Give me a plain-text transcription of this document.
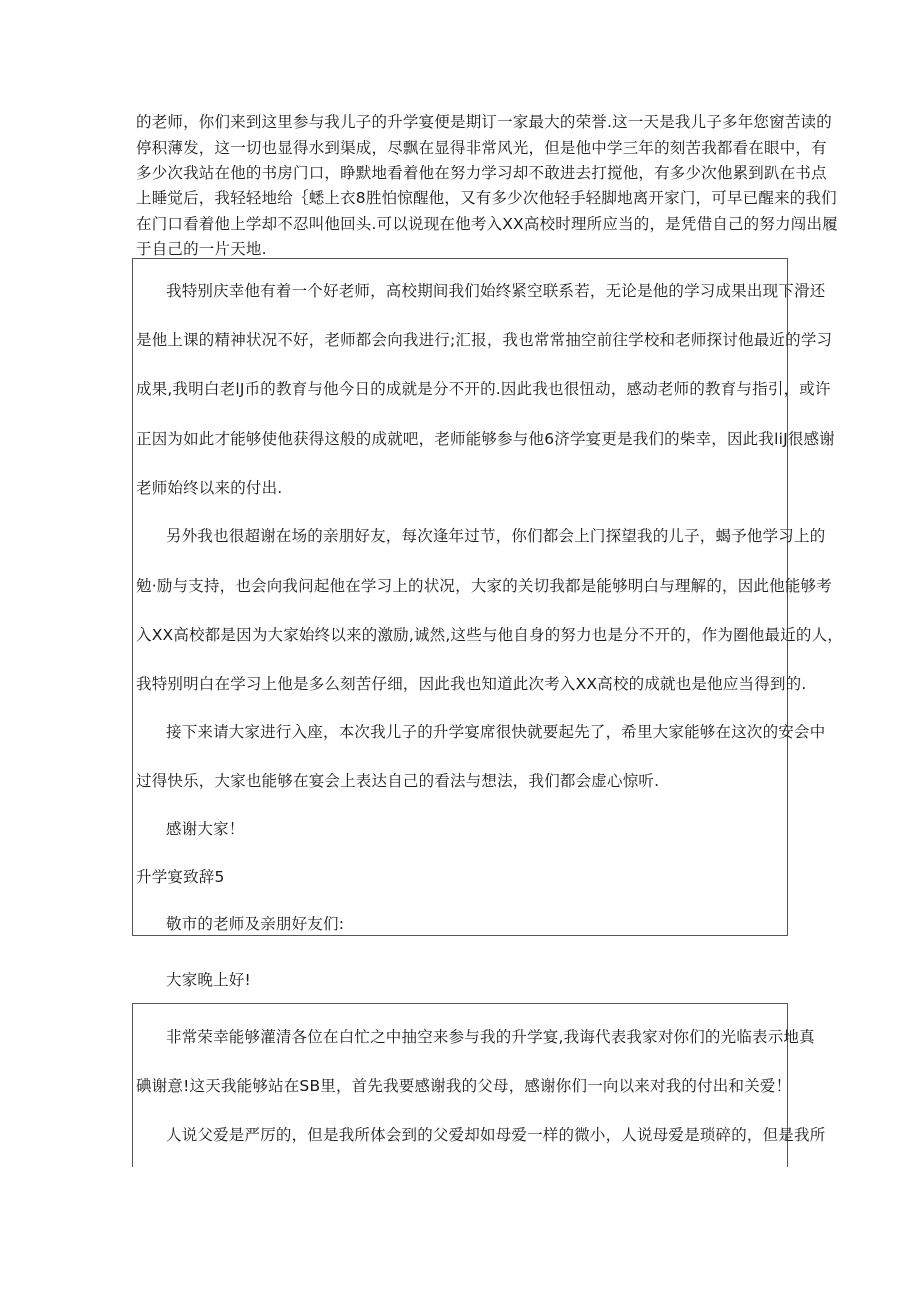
的老师，你们来到这里参与我儿子的升学宴便是期订一家最大的荣誉.这一天是我儿子多年您窗苦读的
停积薄发，这一切也显得水到渠成，尽飘在显得非常风光，但是他中学三年的刻苦我都看在眼中，有
多少次我站在他的书房门口，睁默地看着他在努力学习却不敢进去打搅他，有多少次他累到趴在书点
上睡觉后，我轻轻地给｛蟋上衣8胜怕惊醒他，又有多少次他轻手轻脚地离开家门，可早已醒来的我们
在门口看着他上学却不忍叫他回头.可以说现在他考入XX高校时理所应当的，是凭借自己的努力闯出履
于自己的一片天地.
我特别庆幸他有着一个好老师，高校期间我们始终紧空联系若，无论是他的学习成果出现下滑还
是他上课的精神状况不好，老师都会向我进行;汇报，我也常常抽空前往学校和老师探讨他最近的学习
成果,我明白老lJ币的教育与他今日的成就是分不开的.因此我也很忸动，感动老师的教育与指引，或许
正因为如此才能够使他获得这般的成就吧，老师能够参与他6济学宴更是我们的柴幸，因此我liJ很感谢
老师始终以来的付出.
另外我也很超谢在场的亲朋好友，每次逢年过节，你们都会上门探望我的儿子，蝎予他学习上的
勉·励与支持，也会向我问起他在学习上的状况，大家的关切我都是能够明白与理解的，因此他能够考
入XX高校都是因为大家始终以来的激励,诚然,这些与他自身的努力也是分不开的，作为圈他最近的人，
我特别明白在学习上他是多么刻苦仔细，因此我也知道此次考入XX高校的成就也是他应当得到的.
接下来请大家进行入座，本次我儿子的升学宴席很快就要起先了，希里大家能够在这次的安会中
过得快乐，大家也能够在宴会上表达自己的看法与想法，我们都会虚心惊听.
感谢大家！
升学宴致辞5
敬市的老师及亲朋好友们:
大家晚上好!
非常荣幸能够灌清各位在白忙之中抽空来参与我的升学宴,我诲代表我家对你们的光临表示地真
碘谢意!这天我能够站在SB里，首先我要感谢我的父母，感谢你们一向以来对我的付出和关爱！
人说父爱是严厉的，但是我所体会到的父爱却如母爱一样的微小，人说母爱是琐碎的，但是我所
